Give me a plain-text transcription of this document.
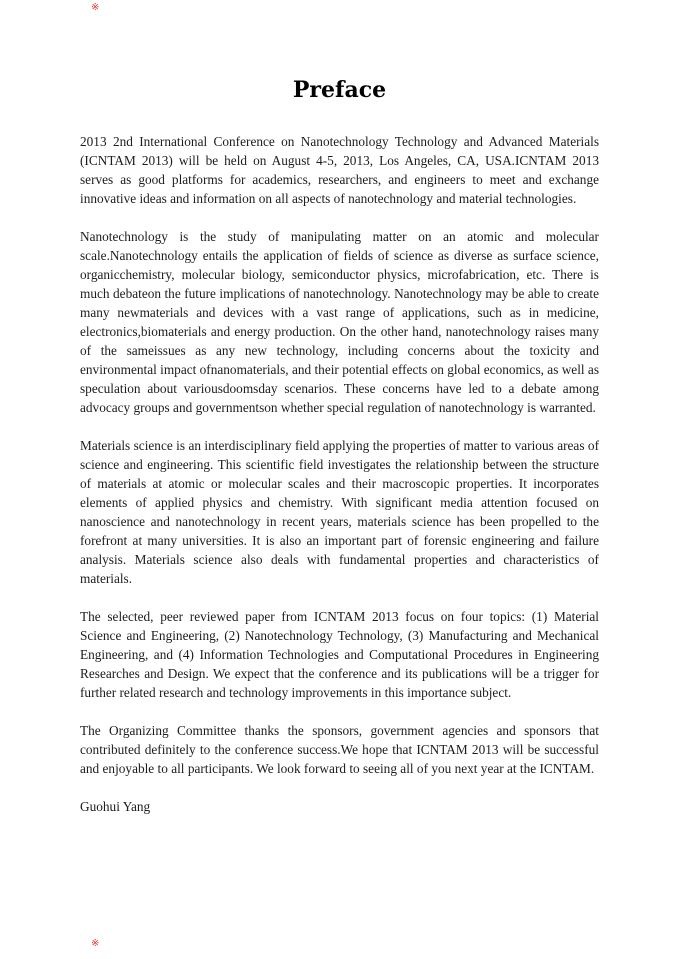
※
Preface

2013 2nd International Conference on Nanotechnology Technology and Advanced Materials (ICNTAM 2013) will be held on August 4-5, 2013, Los Angeles, CA, USA.ICNTAM 2013 serves as good platforms for academics, researchers, and engineers to meet and exchange innovative ideas and information on all aspects of nanotechnology and material technologies.

Nanotechnology is the study of manipulating matter on an atomic and molecular scale.Nanotechnology entails the application of fields of science as diverse as surface science, organicchemistry, molecular biology, semiconductor physics, microfabrication, etc. There is much debateon the future implications of nanotechnology. Nanotechnology may be able to create many newmaterials and devices with a vast range of applications, such as in medicine, electronics,biomaterials and energy production. On the other hand, nanotechnology raises many of the sameissues as any new technology, including concerns about the toxicity and environmental impact ofnanomaterials, and their potential effects on global economics, as well as speculation about variousdoomsday scenarios. These concerns have led to a debate among advocacy groups and governmentson whether special regulation of nanotechnology is warranted.

Materials science is an interdisciplinary field applying the properties of matter to various areas of science and engineering. This scientific field investigates the relationship between the structure of materials at atomic or molecular scales and their macroscopic properties. It incorporates elements of applied physics and chemistry. With significant media attention focused on nanoscience and nanotechnology in recent years, materials science has been propelled to the forefront at many universities. It is also an important part of forensic engineering and failure analysis. Materials science also deals with fundamental properties and characteristics of materials.

The selected, peer reviewed paper from ICNTAM 2013 focus on four topics: (1) Material Science and Engineering, (2) Nanotechnology Technology, (3) Manufacturing and Mechanical Engineering, and (4) Information Technologies and Computational Procedures in Engineering Researches and Design. We expect that the conference and its publications will be a trigger for further related research and technology improvements in this importance subject.

The Organizing Committee thanks the sponsors, government agencies and sponsors that contributed definitely to the conference success.We hope that ICNTAM 2013 will be successful and enjoyable to all participants. We look forward to seeing all of you next year at the ICNTAM.

Guohui Yang

※
